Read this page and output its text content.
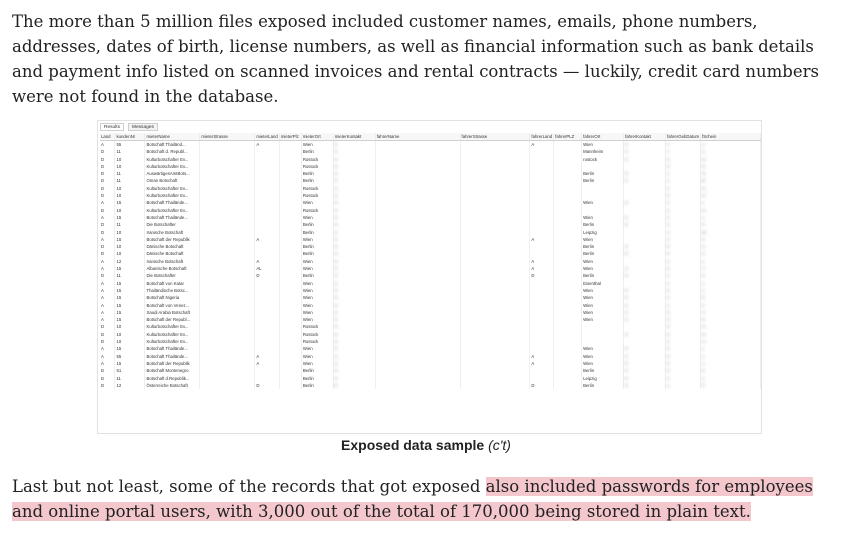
The more than 5 million files exposed included customer names, emails, phone numbers, addresses, dates of birth, license numbers, as well as financial information such as bank details and payment info listed on scanned invoices and rental contracts — luckily, credit card numbers were not found in the database.

Results	Messages
Land	kundenNr	mieterName	mieterStrasse	mieterLand	mieterPlz	mieterOrt	mieterKontakt	fahrerName	fahrerStrasse	fahrerLand	fahrerPLZ	fahrerOrt	fahrerKontakt	fahrerGebDatum	fSchein
A	55	Botschaft Thailänd...		A		Wien	0			A		Wien	0	1	1
D	11	Botschaft d. Republ...				Berlin	0					Mannheim	0	1	A
D	10	Kulturbotschafter Ev...				Rostock	0					rostock	0	0	O
D	10	Kulturbotschafter Ev...				Rostock	0							0	H
D	11	AuswärtigesAmtBots...				Berlin	0					Berlin	0	1	G
D	11	Oman Botschaft				Berlin	0					Berlin	0	1	B
D	10	Kulturbotschafter Ev...				Rostock	0							2	H
D	10	Kulturbotschafter Ev...				Rostock	0							0	H
A	15	Botschaft Thailände...				Wien	0					Wien	0	2	1
D	10	Kulturbotschafter Ev...				Rostock	0							2	H
A	15	Botschaft Thailände...				Wien	0					Wien	0	2	1
D	11	Die Botschafter				Berlin	0					Berlin	0	2	C
D	10	Iranische Botschaft				Berlin	0					Leipzig		3	M
A	15	Botschaft der Republik		A		Wien	0			A		Wien		2	0
D	10	Dänische Botschaft				Berlin	0					Berlin	0	0	C
D	10	Dänische Botschaft				Berlin	0					Berlin	0	0	C
A	12	Iranische Botschaft		A		Wien	0			A		Wien		2	1
A	15	Albanische Botschaft		AL		Wien	0			A		Wien	3	0	T
D	11	Die Botschafter		D		Berlin	0			D		Berlin	0	2	C
A	15	Botschaft von Katar				Wien	0					Eisenthal		2	1
A	15	Thailändische Botsc...				Wien	0					Wien	0	0	1
A	15	Botschaft Nigeria				Wien	0					Wien	0	2	0
A	15	Botschaft von Venez...				Wien	0					Wien	0	1	2
A	15	Saudi Arabia Botschaft				Wien	0					Wien	0	0	V
A	15	Botschaft der Republ...				Wien	0					Wien	0	0	0
D	10	Kulturbotschafter Ev...				Rostock	0							0	H
D	10	Kulturbotschafter Ev...				Rostock	0						0	0	H
D	10	Kulturbotschafter Ev...				Rostock	0							2	H
A	15	Botschaft Thailände...				Wien	0					Wien	0	0	1
A	55	Botschaft Thailände...		A		Wien	0			A		Wien	0	0	1
A	15	Botschaft der Republik		A		Wien	0			A		Wien	0	0	1
D	51	Botschaft Montenegro				Berlin	0					Berlin	0	0	0
D	11	Botschaft d.Republik...				Berlin	0					Leipzig	0	2	1
D	12	Österreiche Botschaft		D		Berlin	0			D		Berlin	0	1	0
Exposed data sample (c't)

Last but not least, some of the records that got exposed also included passwords for employees and online portal users, with 3,000 out of the total of 170,000 being stored in plain text.
